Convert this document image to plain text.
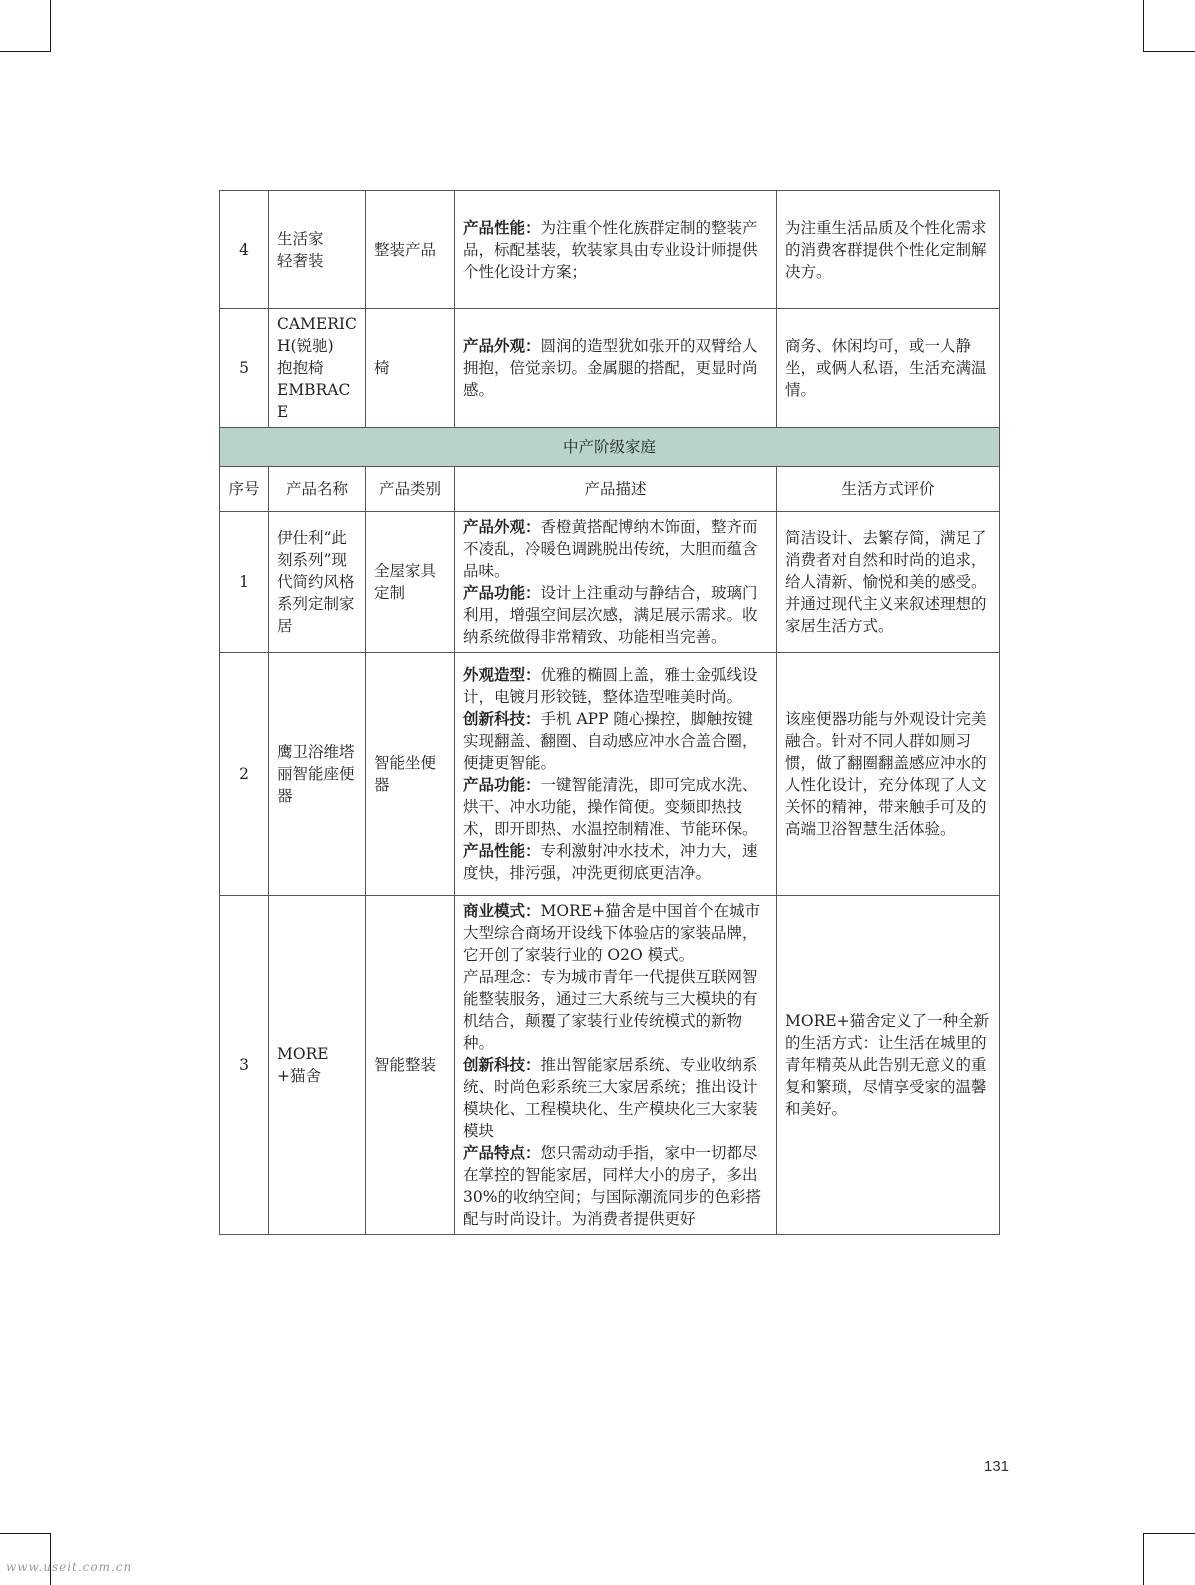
4	生活家
轻奢装	整装产品	产品性能：为注重个性化族群定制的整装产品，标配基装，软装家具由专业设计师提供个性化设计方案；	为注重生活品质及个性化需求的消费客群提供个性化定制解决方。
5	CAMERIC
H(锐驰)
抱抱椅
EMBRAC
E	椅	产品外观：圆润的造型犹如张开的双臂给人拥抱，倍觉亲切。金属腿的搭配，更显时尚感。	商务、休闲均可，或一人静坐，或俩人私语，生活充满温情。
中产阶级家庭				
序号	产品名称	产品类别	产品描述	生活方式评价
1	伊仕利“此刻系列”现代简约风格系列定制家居	全屋家具定制	产品外观：香橙黄搭配博纳木饰面，整齐而不凌乱，冷暖色调跳脱出传统，大胆而蕴含品味。
产品功能：设计上注重动与静结合，玻璃门利用，增强空间层次感，满足展示需求。收纳系统做得非常精致、功能相当完善。	简洁设计、去繁存简，满足了消费者对自然和时尚的追求，给人清新、愉悦和美的感受。并通过现代主义来叙述理想的家居生活方式。
2	鹰卫浴维塔丽智能座便器	智能坐便器	外观造型：优雅的椭圆上盖，雅士金弧线设计，电镀月形铰链，整体造型唯美时尚。
创新科技：手机 APP 随心操控，脚触按键实现翻盖、翻圈、自动感应冲水合盖合圈，便捷更智能。
产品功能：一键智能清洗，即可完成水洗、烘干、冲水功能，操作简便。变频即热技术，即开即热、水温控制精准、节能环保。
产品性能：专利激射冲水技术，冲力大，速度快，排污强，冲洗更彻底更洁净。	该座便器功能与外观设计完美融合。针对不同人群如厕习惯，做了翻圈翻盖感应冲水的人性化设计，充分体现了人文关怀的精神，带来触手可及的高端卫浴智慧生活体验。
3	MORE+猫舍	智能整装	商业模式：MORE+猫舍是中国首个在城市大型综合商场开设线下体验店的家装品牌，它开创了家装行业的 O2O 模式。
产品理念：专为城市青年一代提供互联网智能整装服务，通过三大系统与三大模块的有机结合，颠覆了家装行业传统模式的新物种。
创新科技：推出智能家居系统、专业收纳系统、时尚色彩系统三大家居系统；推出设计模块化、工程模块化、生产模块化三大家装模块
产品特点：您只需动动手指，家中一切都尽在掌控的智能家居，同样大小的房子，多出 30%的收纳空间；与国际潮流同步的色彩搭配与时尚设计。为消费者提供更好	MORE+猫舍定义了一种全新的生活方式：让生活在城里的青年精英从此告别无意义的重复和繁琐，尽情享受家的温馨和美好。
131
www.useit.com.cn
